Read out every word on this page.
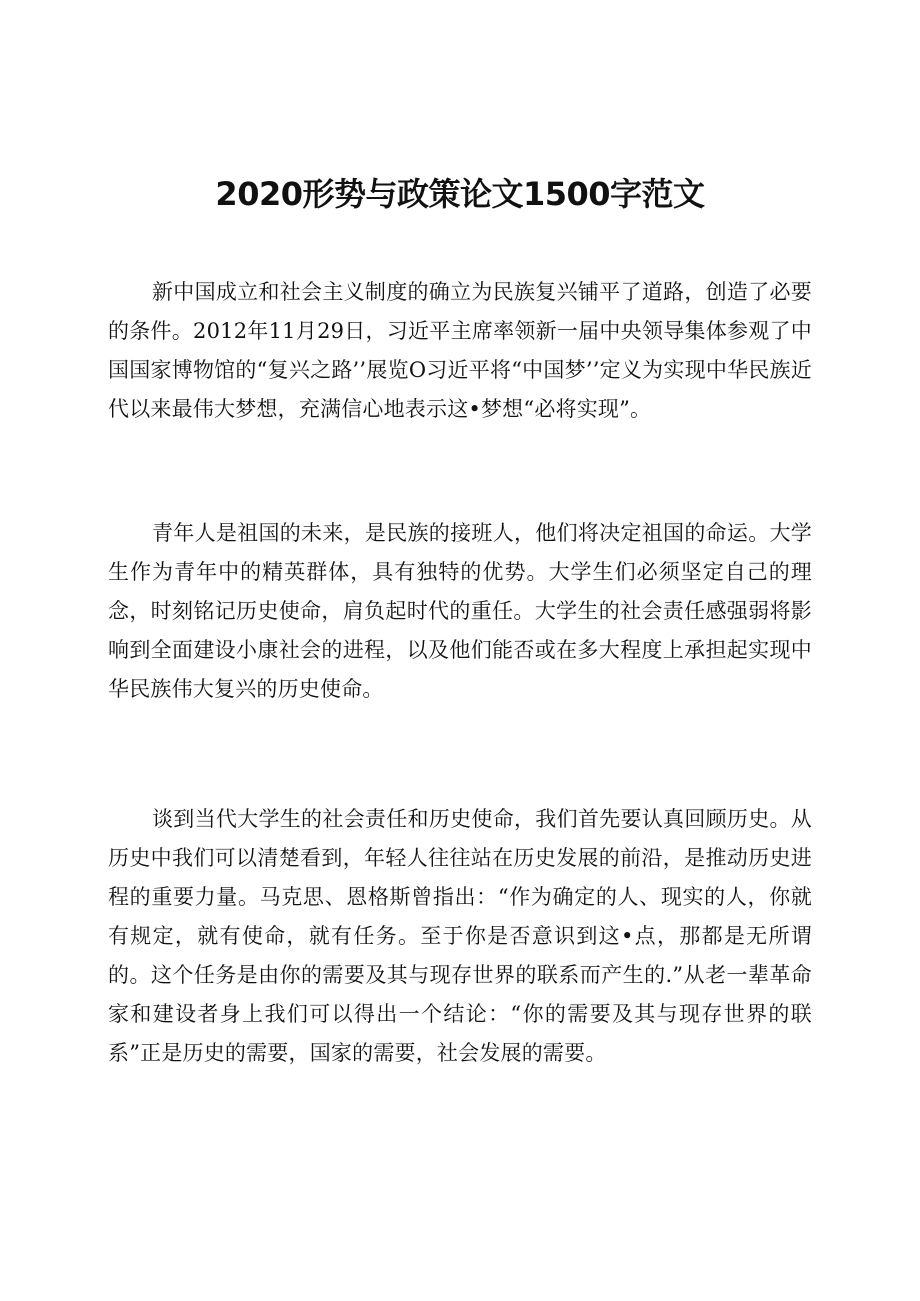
2020形势与政策论文1500字范文

新中国成立和社会主义制度的确立为民族复兴铺平了道路，创造了必要的条件。2012年11月29日，习近平主席率领新一届中央领导集体参观了中国国家博物馆的“复兴之路’’展览O习近平将“中国梦’’定义为实现中华民族近代以来最伟大梦想，充满信心地表示这•梦想“必将实现”。

青年人是祖国的未来，是民族的接班人，他们将决定祖国的命运。大学生作为青年中的精英群体，具有独特的优势。大学生们必须坚定自己的理念，时刻铭记历史使命，肩负起时代的重任。大学生的社会责任感强弱将影响到全面建设小康社会的进程，以及他们能否或在多大程度上承担起实现中华民族伟大复兴的历史使命。

谈到当代大学生的社会责任和历史使命，我们首先要认真回顾历史。从历史中我们可以清楚看到，年轻人往往站在历史发展的前沿，是推动历史进程的重要力量。马克思、恩格斯曾指出：“作为确定的人、现实的人，你就有规定，就有使命，就有任务。至于你是否意识到这•点，那都是无所谓的。这个任务是由你的需要及其与现存世界的联系而产生的.”从老一辈革命家和建设者身上我们可以得出一个结论：“你的需要及其与现存世界的联系”正是历史的需要，国家的需要，社会发展的需要。
